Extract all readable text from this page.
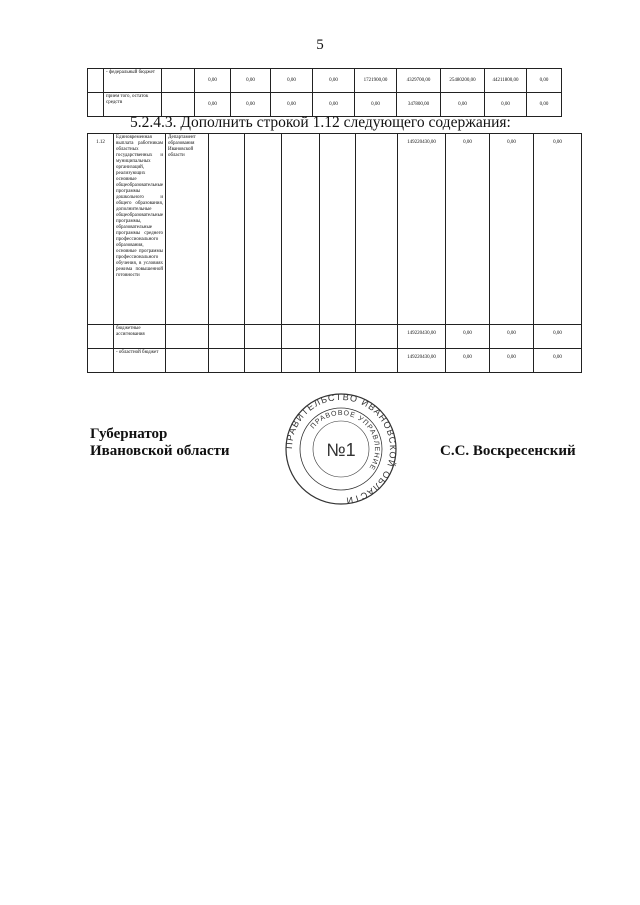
5
	- федеральный бюджет		0,00	0,00	0,00	0,00	1721900,00	4329700,00	25480200,00	44211800,00	0,00
	прием того, остаток средств		0,00	0,00	0,00	0,00	0,00	347800,00	0,00	0,00	0,00
5.2.4.3. Дополнить строкой 1.12 следующего содержания:
1.12	Единовременная выплата работникам областных государственных и муниципальных организаций, реализующих основные общеобразовательные программы дошкольного и общего образования, дополнительные общеобразовательные программы, образовательные программы среднего профессионального образования, основные программы профессионального обучения, в условиях режима повышенной готовности	Департамент образования Ивановской области						149220430,00	0,00	0,00	0,00
	бюджетные ассигнования							149220430,00	0,00	0,00	0,00
	- областной бюджет							149220430,00	0,00	0,00	0,00
Губернатор
Ивановской области	ПРАВИТЕЛЬСТВО ИВАНОВСКОЙ ОБЛАСТИ
ПРАВОВОЕ УПРАВЛЕНИЕ
№1	С.С. Воскресенский
